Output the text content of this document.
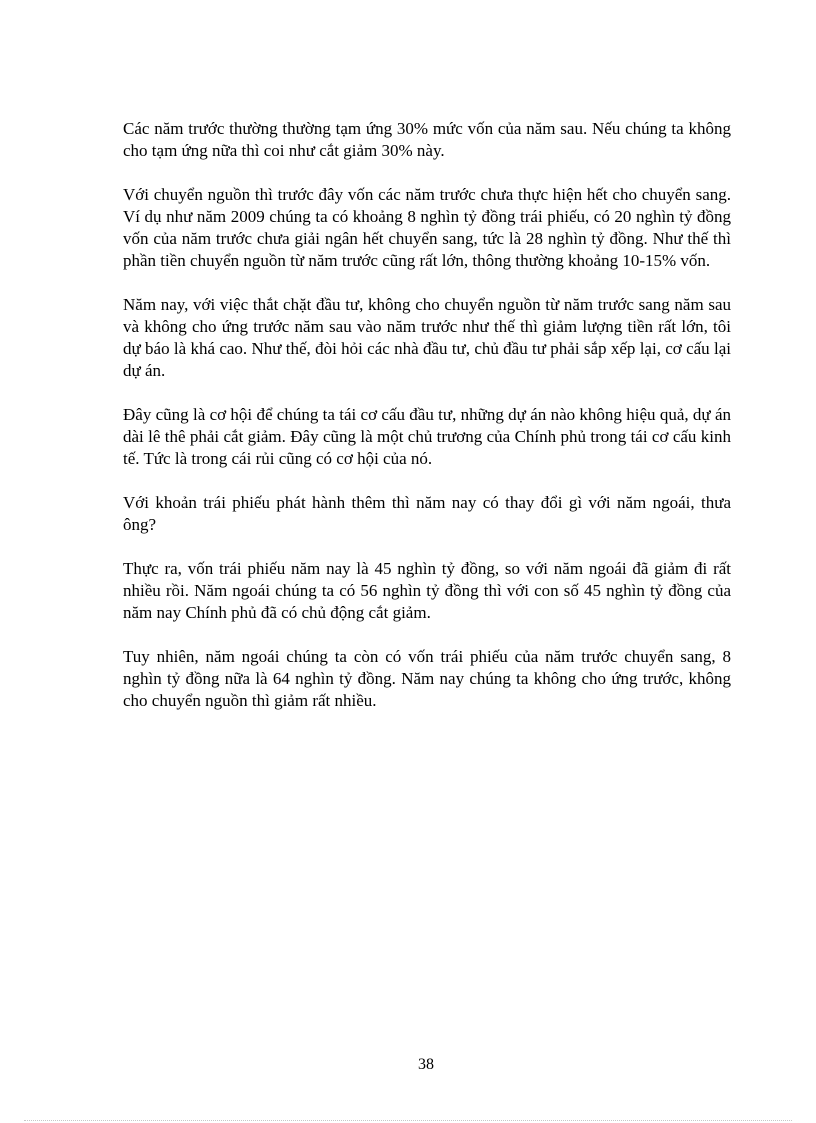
Các năm trước thường thường tạm ứng 30% mức vốn của năm sau. Nếu chúng ta không cho tạm ứng nữa thì coi như cắt giảm 30% này.

Với chuyển nguồn thì trước đây vốn các năm trước chưa thực hiện hết cho chuyển sang. Ví dụ như năm 2009 chúng ta có khoảng 8 nghìn tỷ đồng trái phiếu, có 20 nghìn tỷ đồng vốn của năm trước chưa giải ngân hết chuyển sang, tức là 28 nghìn tỷ đồng. Như thế thì phần tiền chuyển nguồn từ năm trước cũng rất lớn, thông thường khoảng 10-15% vốn.

Năm nay, với việc thắt chặt đầu tư, không cho chuyển nguồn từ năm trước sang năm sau và không cho ứng trước năm sau vào năm trước như thế thì giảm lượng tiền rất lớn, tôi dự báo là khá cao. Như thế, đòi hỏi các nhà đầu tư, chủ đầu tư phải sắp xếp lại, cơ cấu lại dự án.

Đây cũng là cơ hội để chúng ta tái cơ cấu đầu tư, những dự án nào không hiệu quả, dự án dài lê thê phải cắt giảm. Đây cũng là một chủ trương của Chính phủ trong tái cơ cấu kinh tế. Tức là trong cái rủi cũng có cơ hội của nó.

Với khoản trái phiếu phát hành thêm thì năm nay có thay đổi gì với năm ngoái, thưa ông?

Thực ra, vốn trái phiếu năm nay là 45 nghìn tỷ đồng, so với năm ngoái đã giảm đi rất nhiều rồi. Năm ngoái chúng ta có 56 nghìn tỷ đồng thì với con số 45 nghìn tỷ đồng của năm nay Chính phủ đã có chủ động cắt giảm.

Tuy nhiên, năm ngoái chúng ta còn có vốn trái phiếu của năm trước chuyển sang, 8 nghìn tỷ đồng nữa là 64 nghìn tỷ đồng. Năm nay chúng ta không cho ứng trước, không cho chuyển nguồn thì giảm rất nhiều.

38
